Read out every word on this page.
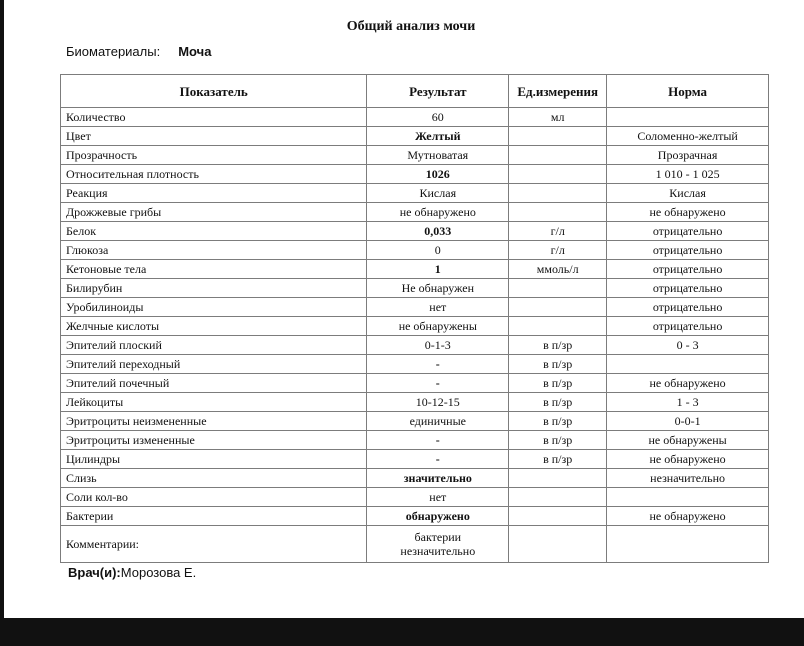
Общий анализ мочи
Биоматериалы: Моча
Показатель	Результат	Ед.измерения	Норма
Количество	60	мл	
Цвет	Желтый		Соломенно-желтый
Прозрачность	Мутноватая		Прозрачная
Относительная плотность	1026		1 010 - 1 025
Реакция	Кислая		Кислая
Дрожжевые грибы	не обнаружено		не обнаружено
Белок	0,033	г/л	отрицательно
Глюкоза	0	г/л	отрицательно
Кетоновые тела	1	ммоль/л	отрицательно
Билирубин	Не обнаружен		отрицательно
Уробилиноиды	нет		отрицательно
Желчные кислоты	не обнаружены		отрицательно
Эпителий плоский	0-1-3	в п/зр	0 - 3
Эпителий переходный	-	в п/зр	
Эпителий почечный	-	в п/зр	не обнаружено
Лейкоциты	10-12-15	в п/зр	1 - 3
Эритроциты неизмененные	единичные	в п/зр	0-0-1
Эритроциты измененные	-	в п/зр	не обнаружены
Цилиндры	-	в п/зр	не обнаружено
Слизь	значительно		незначительно
Соли кол-во	нет		
Бактерии	обнаружено		не обнаружено
Комментарии:	бактерии
незначительно		
Врач(и):Морозова Е.
